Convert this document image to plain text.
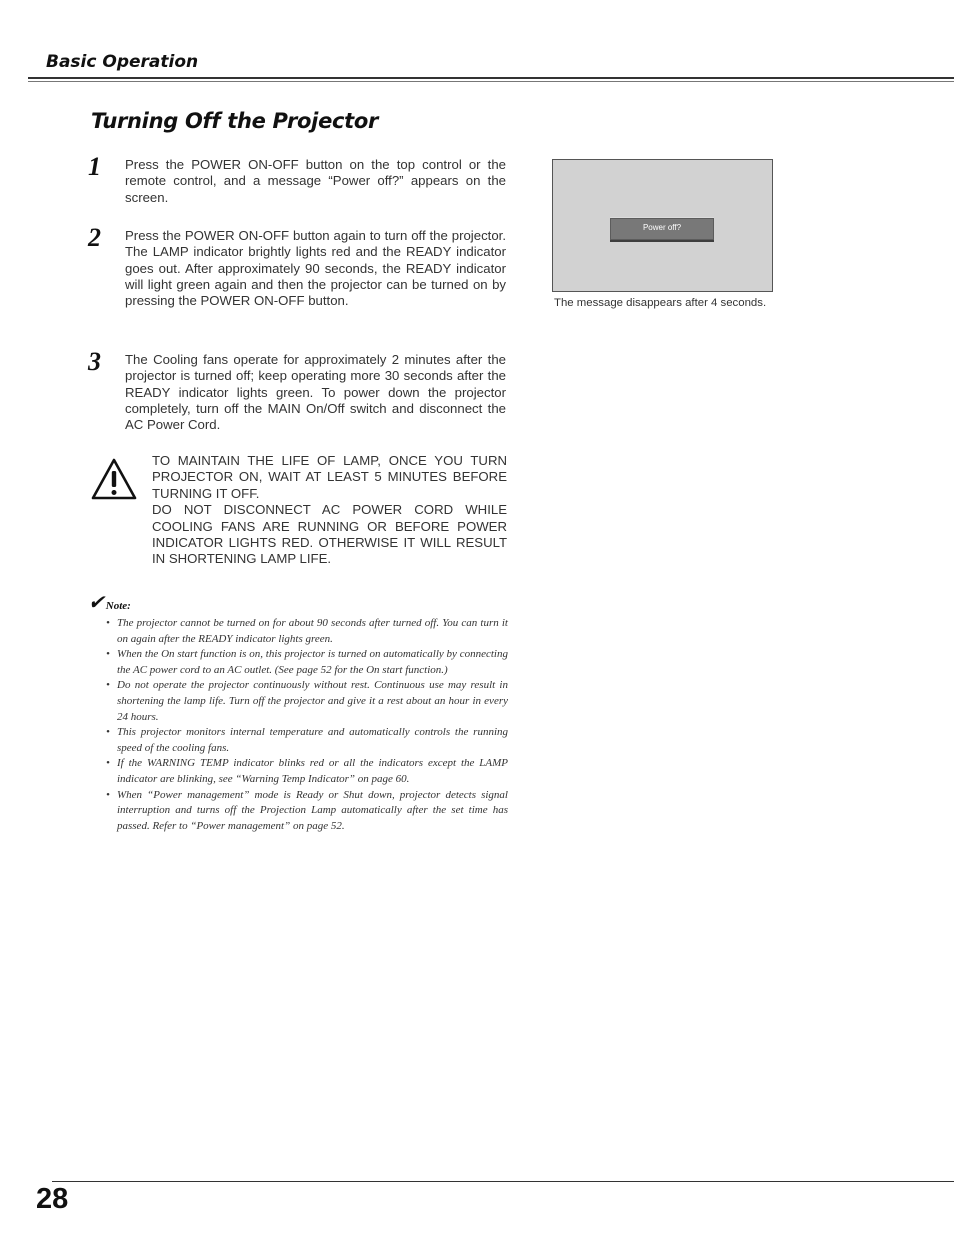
Basic Operation
Turning Off the Projector
1	Press the POWER ON-OFF button on the top control or the remote control, and a message “Power off?” appears on the screen.
2	Press the POWER ON-OFF button again to turn off the projector. The LAMP indicator brightly lights red and the READY indicator goes out. After approximately 90 seconds, the READY indicator will light green again and then the projector can be turned on by pressing the POWER ON-OFF button.
3	The Cooling fans operate for approximately 2 minutes after the projector is turned off; keep operating more 30 seconds after the READY indicator lights green. To power down the projector completely, turn off the MAIN On/Off switch and disconnect the AC Power Cord.

TO MAINTAIN THE LIFE OF LAMP, ONCE YOU TURN PROJECTOR ON, WAIT AT LEAST 5 MINUTES BEFORE TURNING IT OFF.

DO NOT DISCONNECT AC POWER CORD WHILE COOLING FANS ARE RUNNING OR BEFORE POWER INDICATOR LIGHTS RED. OTHERWISE IT WILL RESULT IN SHORTENING LAMP LIFE.

✔Note:
• The projector cannot be turned on for about 90 seconds after turned off. You can turn it on again after the READY indicator lights green.
• When the On start function is on, this projector is turned on automatically by connecting the AC power cord to an AC outlet. (See page 52 for the On start function.)
• Do not operate the projector continuously without rest. Continuous use may result in shortening the lamp life. Turn off the projector and give it a rest about an hour in every 24 hours.
• This projector monitors internal temperature and automatically controls the running speed of the cooling fans.
• If the WARNING TEMP indicator blinks red or all the indicators except the LAMP indicator are blinking, see “Warning Temp Indicator” on page 60.
• When “Power management” mode is Ready or Shut down, projector detects signal interruption and turns off the Projection Lamp automatically after the set time has passed. Refer to “Power management” on page 52.
Power off?
The message disappears after 4 seconds.
28
